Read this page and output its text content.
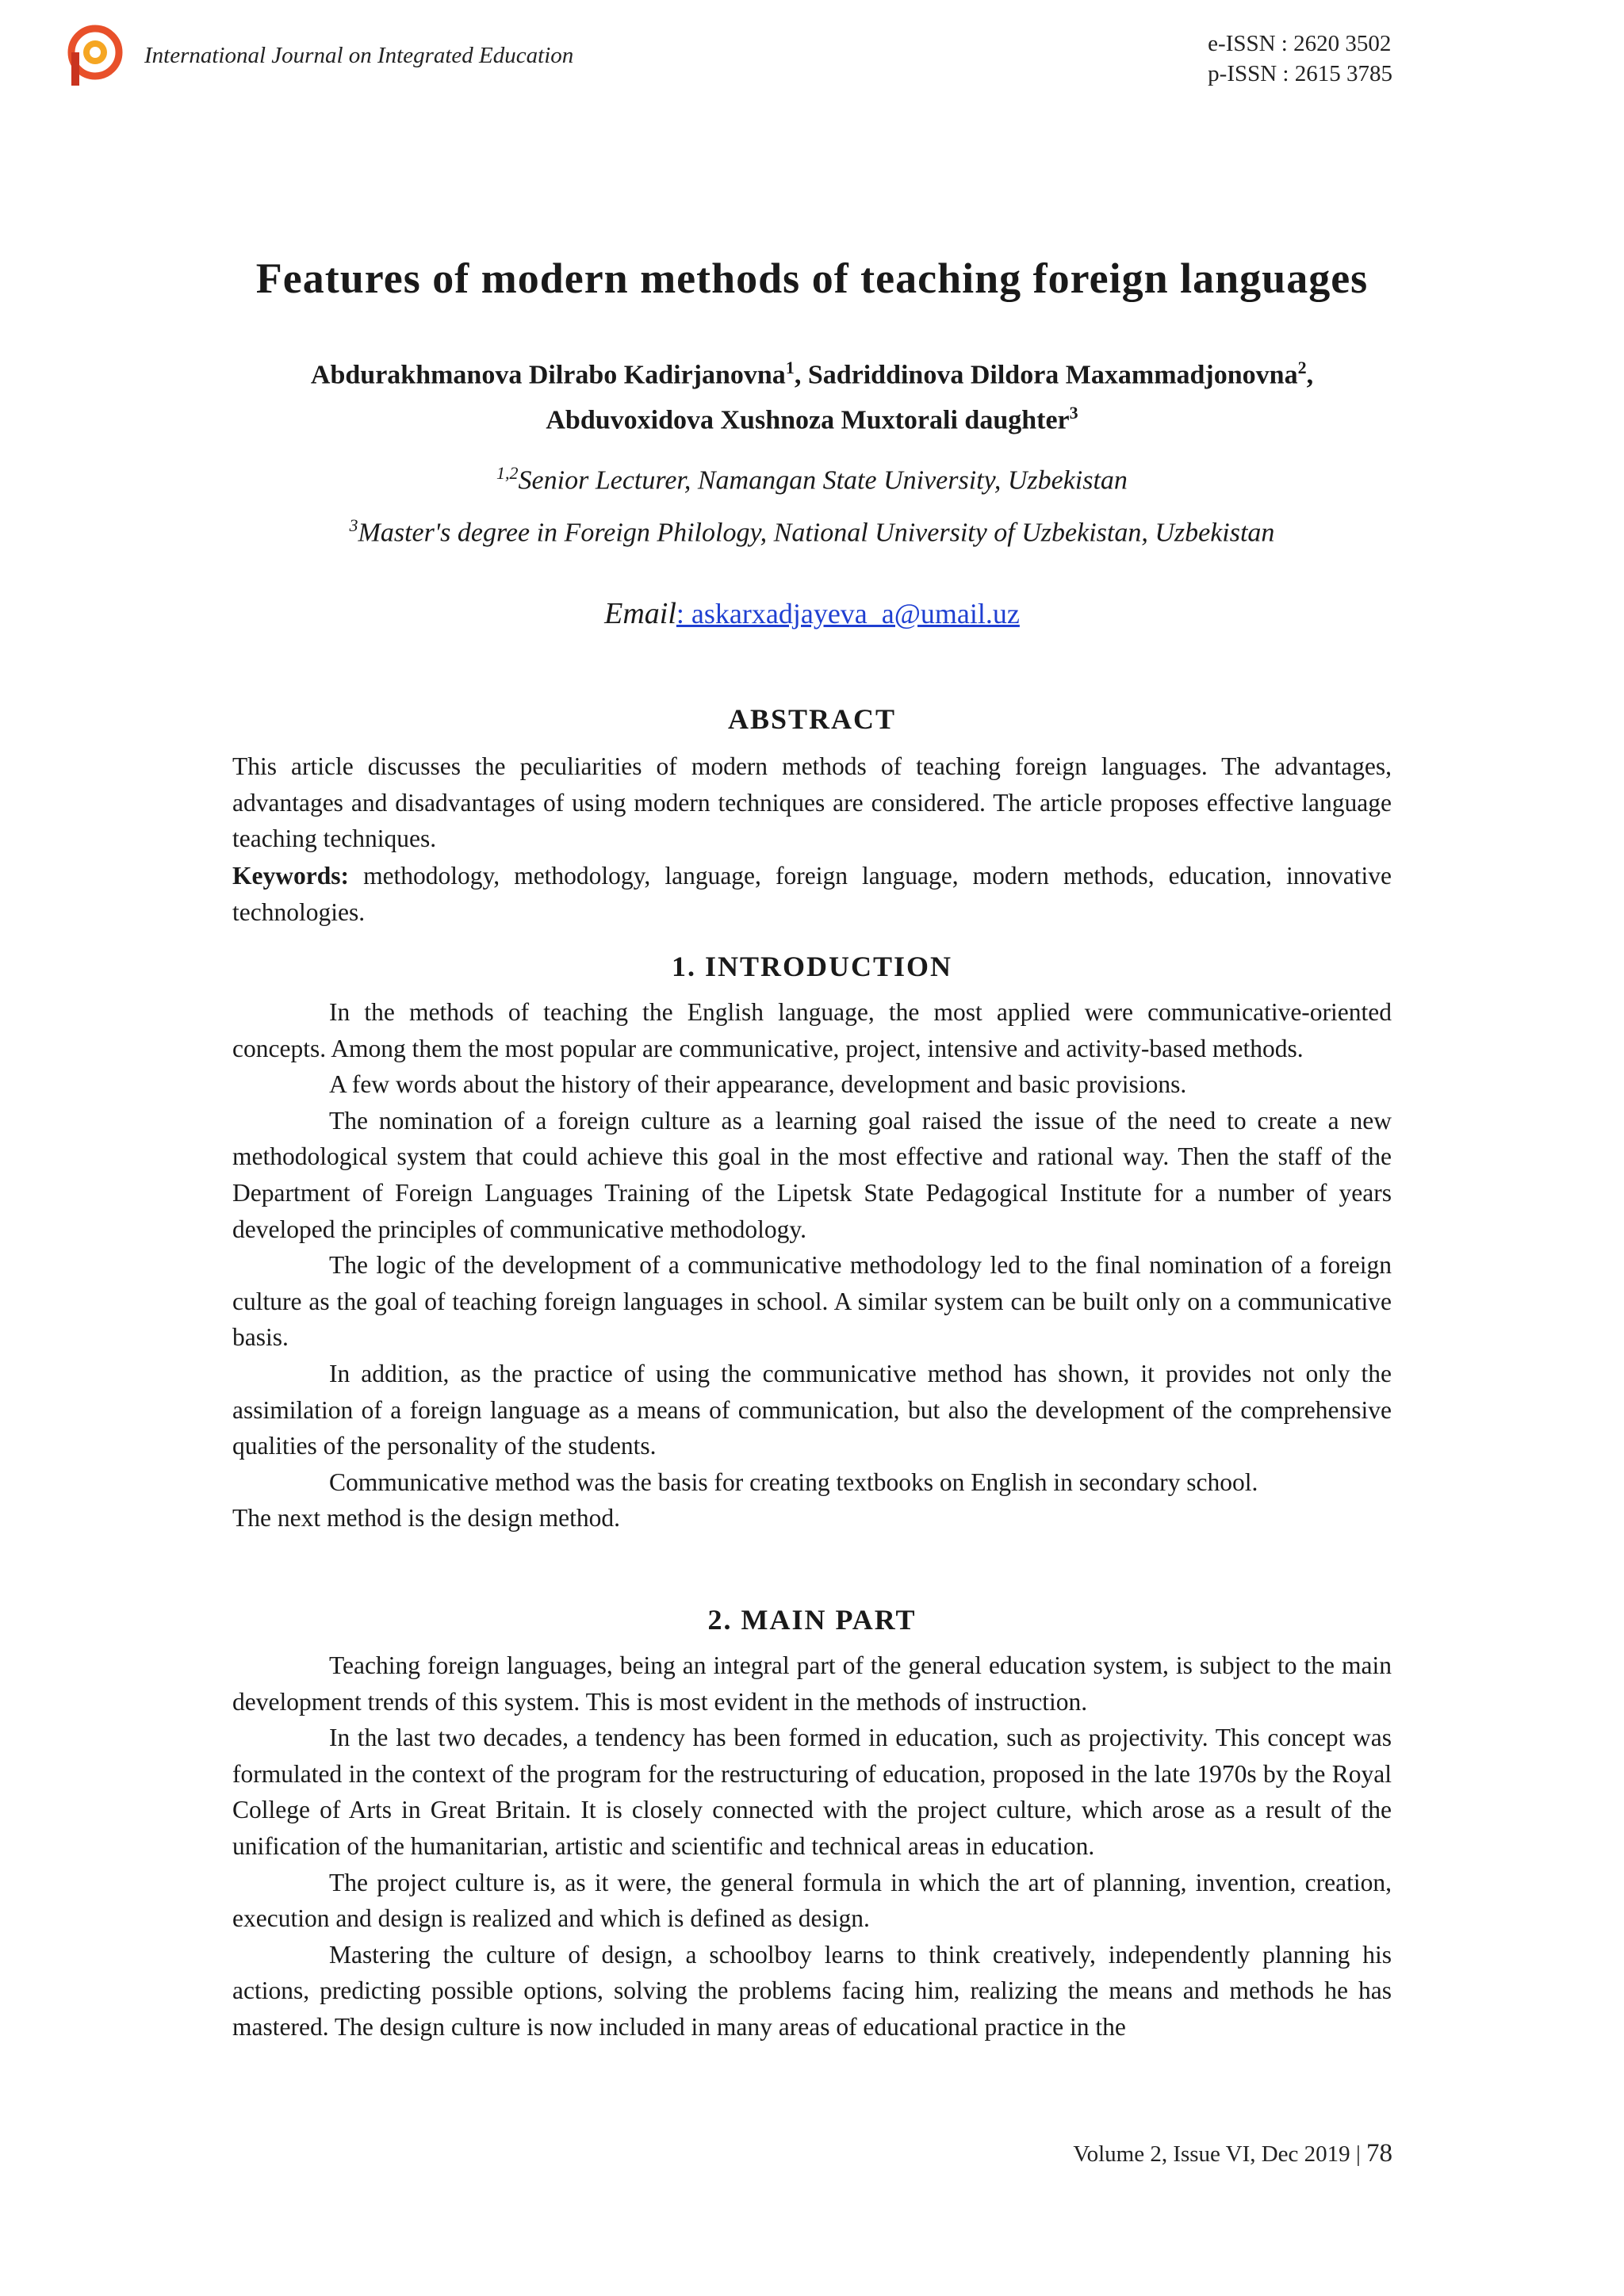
International Journal on Integrated Education	e-ISSN : 2620 3502
p-ISSN : 2615 3785
Features of modern methods of teaching foreign languages
Abdurakhmanova Dilrabo Kadirjanovna$^1$, Sadriddinova Dildora Maxammadjonovna$^2$,
Abduvoxidova Xushnoza Muxtorali daughter$^3$
$^{1,2}$Senior Lecturer, Namangan State University, Uzbekistan
$^3$Master's degree in Foreign Philology, National University of Uzbekistan, Uzbekistan
Email: askarxadjayeva_a@umail.uz
ABSTRACT
This article discusses the peculiarities of modern methods of teaching foreign languages. The advantages, advantages and disadvantages of using modern techniques are considered. The article proposes effective language teaching techniques.
Keywords: methodology, methodology, language, foreign language, modern methods, education, innovative technologies.
1. INTRODUCTION

In the methods of teaching the English language, the most applied were communicative-oriented concepts. Among them the most popular are communicative, project, intensive and activity-based methods.

A few words about the history of their appearance, development and basic provisions.

The nomination of a foreign culture as a learning goal raised the issue of the need to create a new methodological system that could achieve this goal in the most effective and rational way. Then the staff of the Department of Foreign Languages Training of the Lipetsk State Pedagogical Institute for a number of years developed the principles of communicative methodology.

The logic of the development of a communicative methodology led to the final nomination of a foreign culture as the goal of teaching foreign languages in school. A similar system can be built only on a communicative basis.

In addition, as the practice of using the communicative method has shown, it provides not only the assimilation of a foreign language as a means of communication, but also the development of the comprehensive qualities of the personality of the students.

Communicative method was the basis for creating textbooks on English in secondary school.

The next method is the design method.

2. MAIN PART

Teaching foreign languages, being an integral part of the general education system, is subject to the main development trends of this system. This is most evident in the methods of instruction.

In the last two decades, a tendency has been formed in education, such as projectivity. This concept was formulated in the context of the program for the restructuring of education, proposed in the late 1970s by the Royal College of Arts in Great Britain. It is closely connected with the project culture, which arose as a result of the unification of the humanitarian, artistic and scientific and technical areas in education.

The project culture is, as it were, the general formula in which the art of planning, invention, creation, execution and design is realized and which is defined as design.

Mastering the culture of design, a schoolboy learns to think creatively, independently planning his actions, predicting possible options, solving the problems facing him, realizing the means and methods he has mastered. The design culture is now included in many areas of educational practice in the

Volume 2, Issue VI, Dec 2019 | 78
